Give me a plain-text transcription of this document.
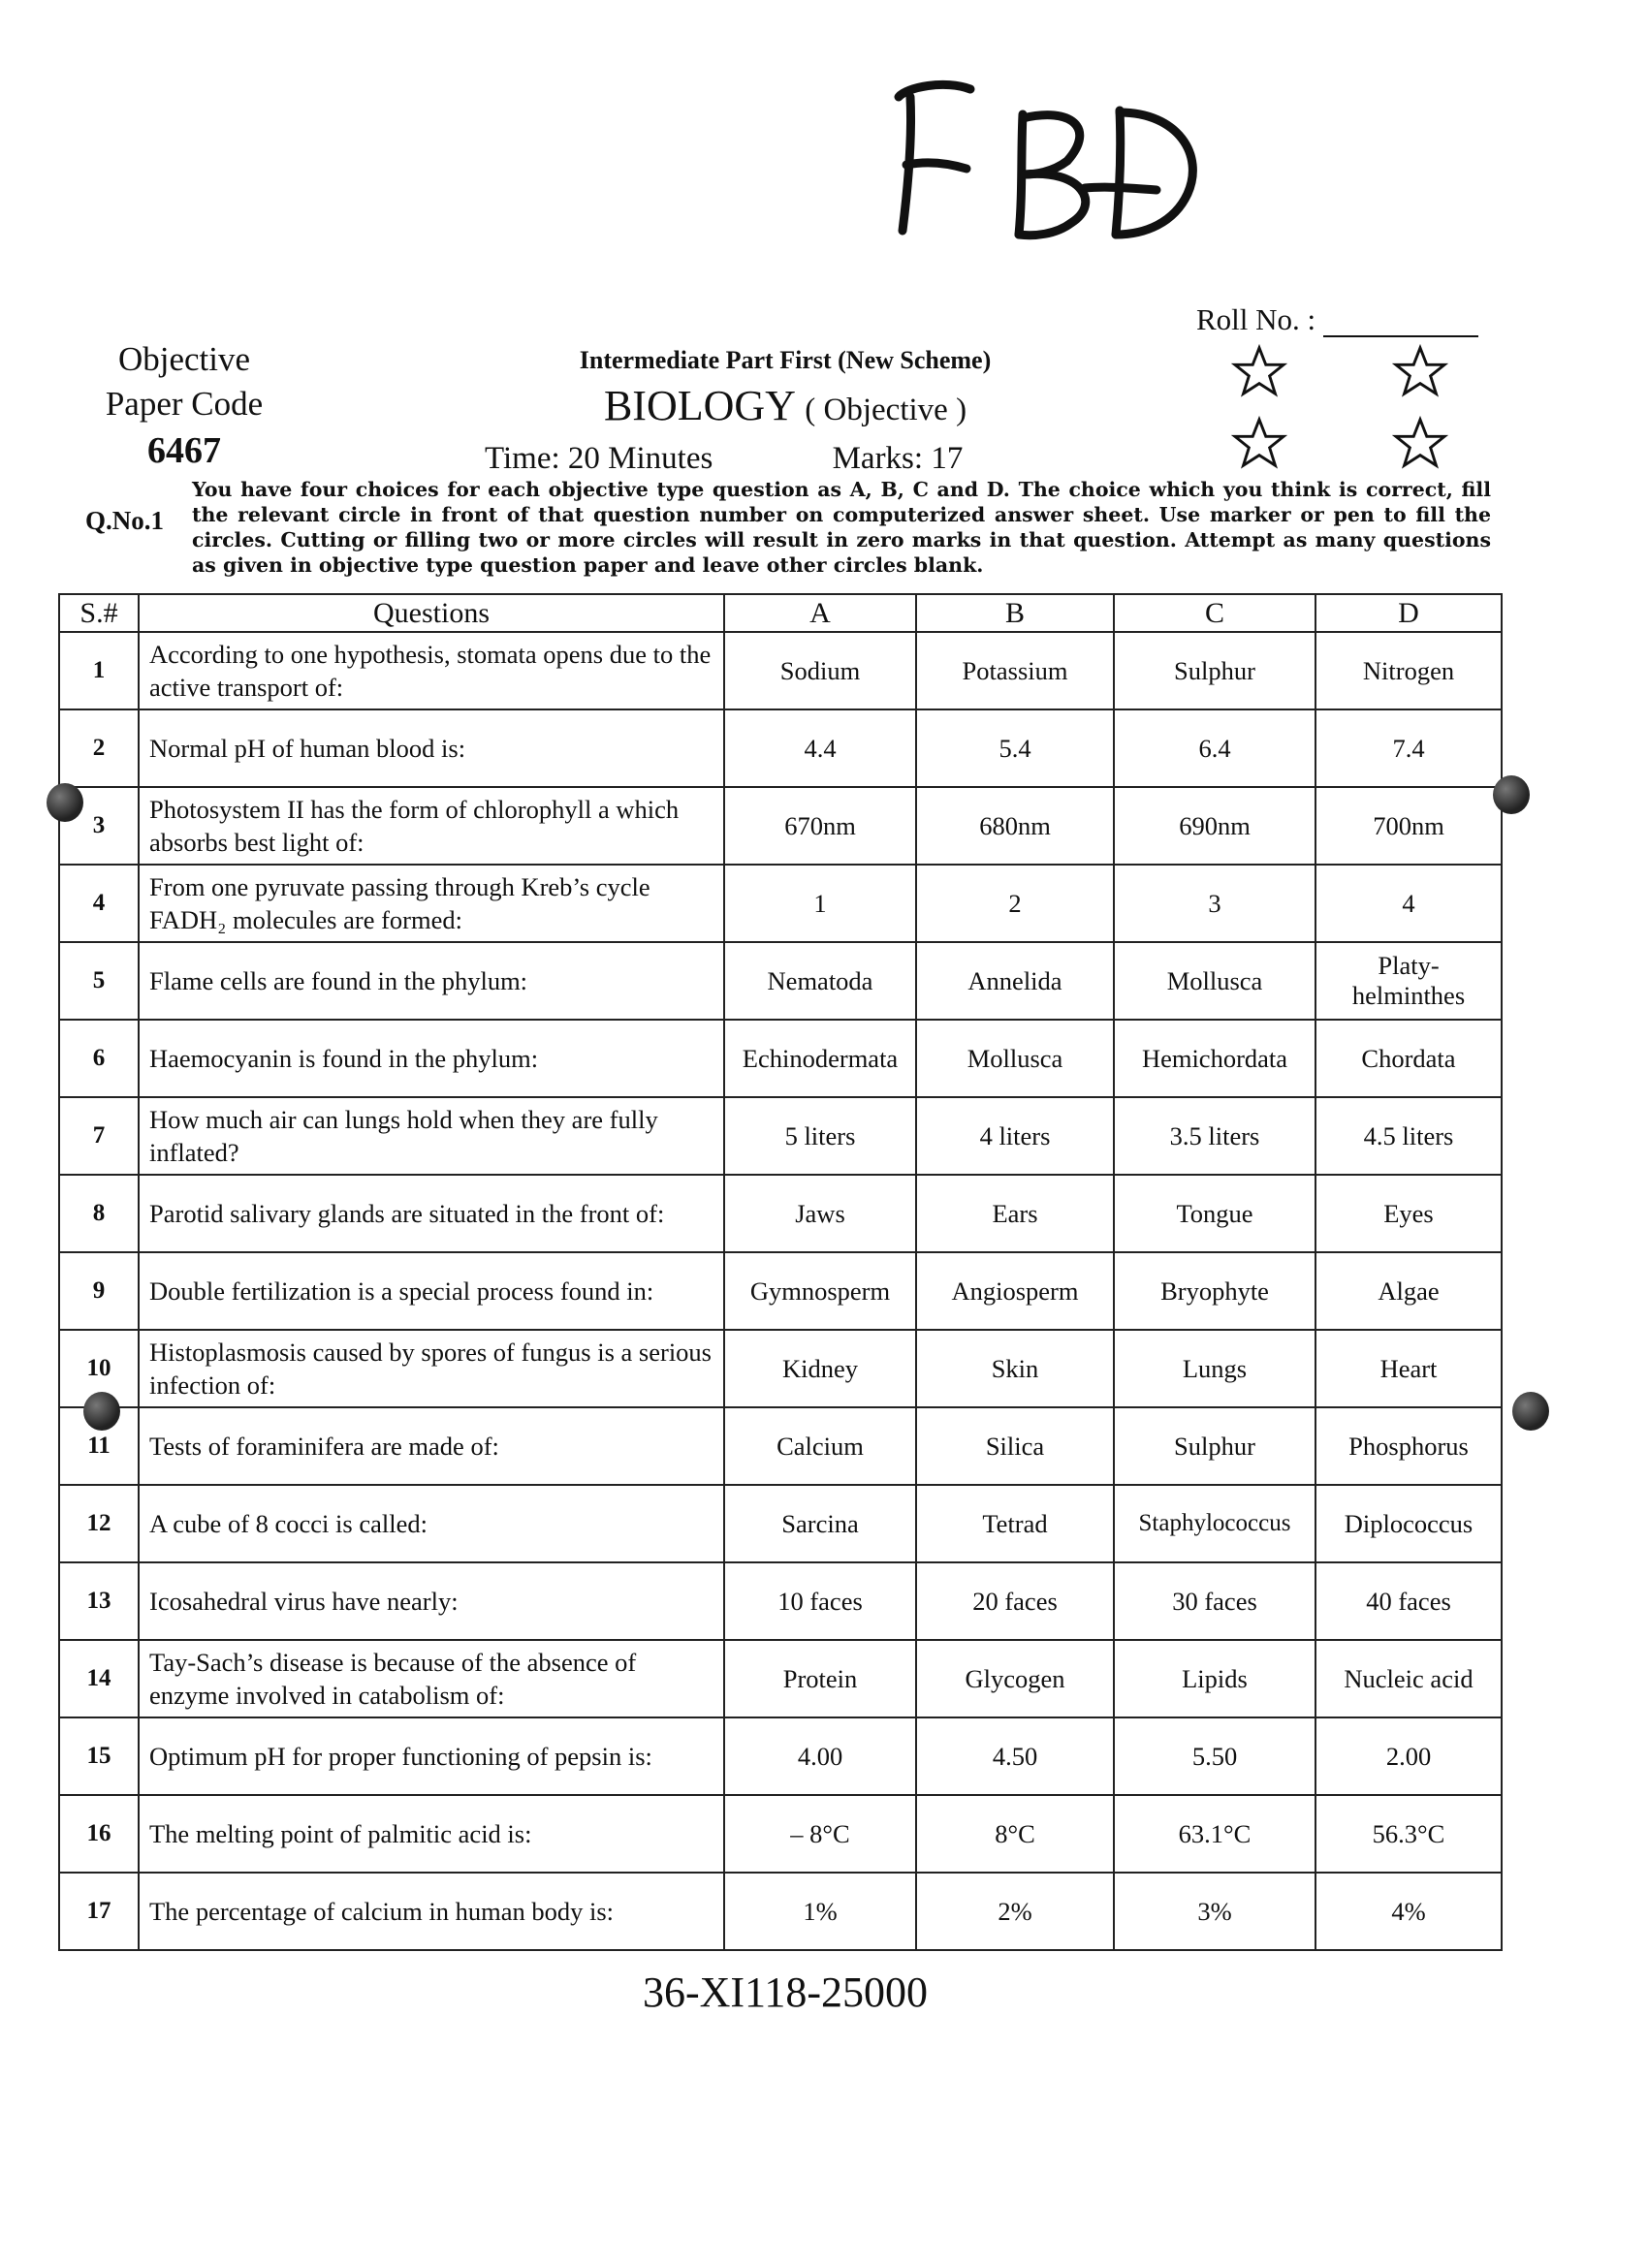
Roll No. :
Objective
Paper Code
6467
Intermediate Part First (New Scheme)
BIOLOGY ( Objective )
Time: 20 Minutes	Marks: 17
Q.No.1
You have four choices for each objective type question as A, B, C and D. The choice which you think is correct, fill the relevant circle in front of that question number on computerized answer sheet. Use marker or pen to fill the circles. Cutting or filling two or more circles will result in zero marks in that question. Attempt as many questions as given in objective type question paper and leave other circles blank.
S.#	Questions	A	B	C	D
1	According to one hypothesis, stomata opens due to the active transport of:	Sodium	Potassium	Sulphur	Nitrogen
2	Normal pH of human blood is:	4.4	5.4	6.4	7.4
3	Photosystem II has the form of chlorophyll a which absorbs best light of:	670nm	680nm	690nm	700nm
4	From one pyruvate passing through Kreb’s cycle FADH₂ molecules are formed:	1	2	3	4
5	Flame cells are found in the phylum:	Nematoda	Annelida	Mollusca	Platy-helminthes
6	Haemocyanin is found in the phylum:	Echinodermata	Mollusca	Hemichordata	Chordata
7	How much air can lungs hold when they are fully inflated?	5 liters	4 liters	3.5 liters	4.5 liters
8	Parotid salivary glands are situated in the front of:	Jaws	Ears	Tongue	Eyes
9	Double fertilization is a special process found in:	Gymnosperm	Angiosperm	Bryophyte	Algae
10	Histoplasmosis caused by spores of fungus is a serious infection of:	Kidney	Skin	Lungs	Heart
11	Tests of foraminifera are made of:	Calcium	Silica	Sulphur	Phosphorus
12	A cube of 8 cocci is called:	Sarcina	Tetrad	Staphylococcus	Diplococcus
13	Icosahedral virus have nearly:	10 faces	20 faces	30 faces	40 faces
14	Tay-Sach’s disease is because of the absence of enzyme involved in catabolism of:	Protein	Glycogen	Lipids	Nucleic acid
15	Optimum pH for proper functioning of pepsin is:	4.00	4.50	5.50	2.00
16	The melting point of palmitic acid is:	– 8°C	8°C	63.1°C	56.3°C
17	The percentage of calcium in human body is:	1%	2%	3%	4%
36-XI118-25000
